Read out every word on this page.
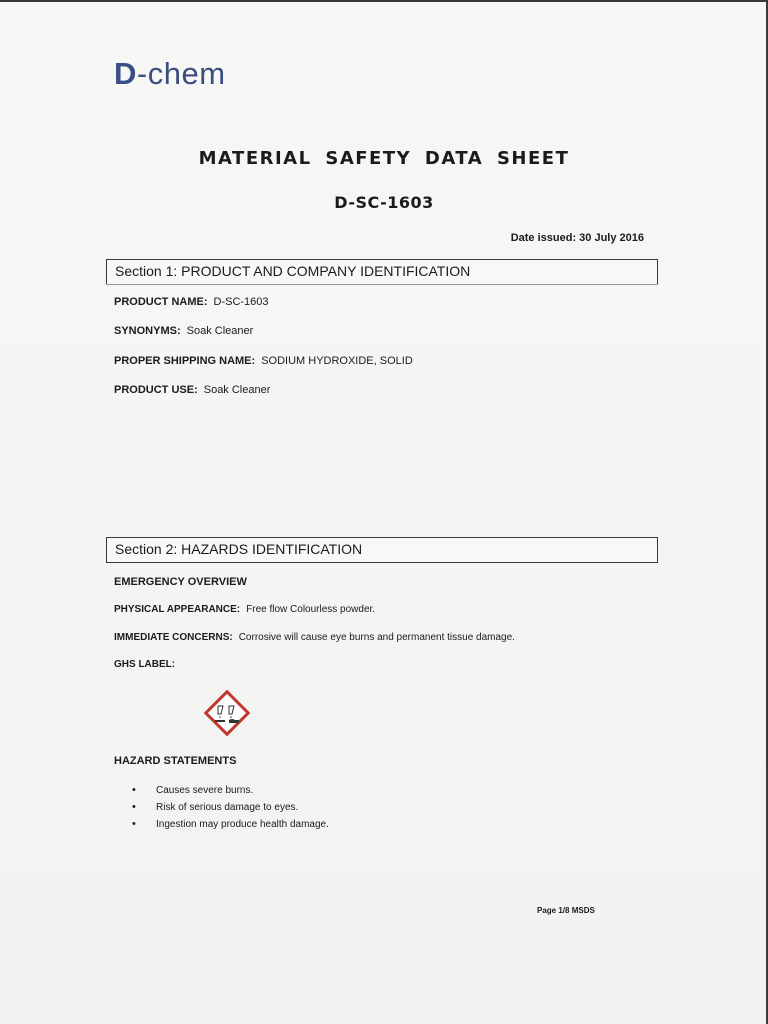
D-chem
MATERIAL SAFETY DATA SHEET
D-SC-1603
Date issued: 30 July 2016
Section 1: PRODUCT AND COMPANY IDENTIFICATION
PRODUCT NAME: D-SC-1603
SYNONYMS: Soak Cleaner
PROPER SHIPPING NAME: SODIUM HYDROXIDE, SOLID
PRODUCT USE: Soak Cleaner
Section 2: HAZARDS IDENTIFICATION
EMERGENCY OVERVIEW
PHYSICAL APPEARANCE: Free flow Colourless powder.
IMMEDIATE CONCERNS: Corrosive will cause eye burns and permanent tissue damage.
GHS LABEL:
HAZARD STATEMENTS
• Causes severe burns.
• Risk of serious damage to eyes.
• Ingestion may produce health damage.
Page 1/8 MSDS
